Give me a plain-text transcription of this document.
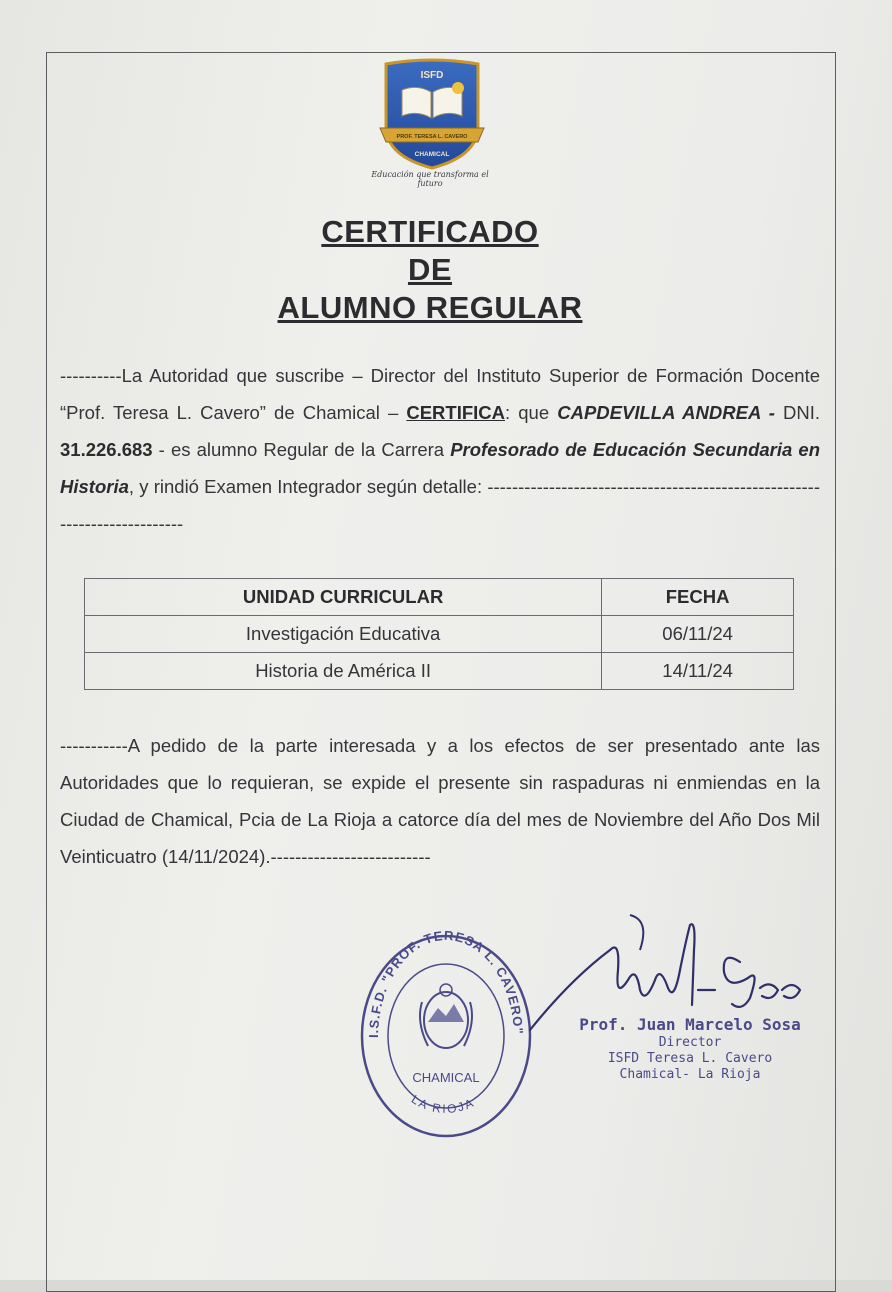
ISFD
PROF. TERESA L. CAVERO
CHAMICAL
Educación que transforma el futuro
CERTIFICADO
DE
ALUMNO REGULAR
----------La Autoridad que suscribe – Director del Instituto Superior de Formación Docente “Prof. Teresa L. Cavero” de Chamical – CERTIFICA: que CAPDEVILLA ANDREA - DNI. 31.226.683 - es alumno Regular de la Carrera Profesorado de Educación Secundaria en Historia, y rindió Examen Integrador según detalle: --------------------------------------------------------------------------
UNIDAD CURRICULAR	FECHA
Investigación Educativa	06/11/24
Historia de América II	14/11/24
-----------A pedido de la parte interesada y a los efectos de ser presentado ante las Autoridades que lo requieran, se expide el presente sin raspaduras ni enmiendas en la Ciudad de Chamical, Pcia de La Rioja a catorce día del mes de Noviembre del Año Dos Mil Veinticuatro (14/11/2024).--------------------------
I.S.F.D. "PROF. TERESA L. CAVERO"
CHAMICAL
LA RIOJA
Prof. Juan Marcelo Sosa
Director
ISFD Teresa L. Cavero
Chamical- La Rioja
